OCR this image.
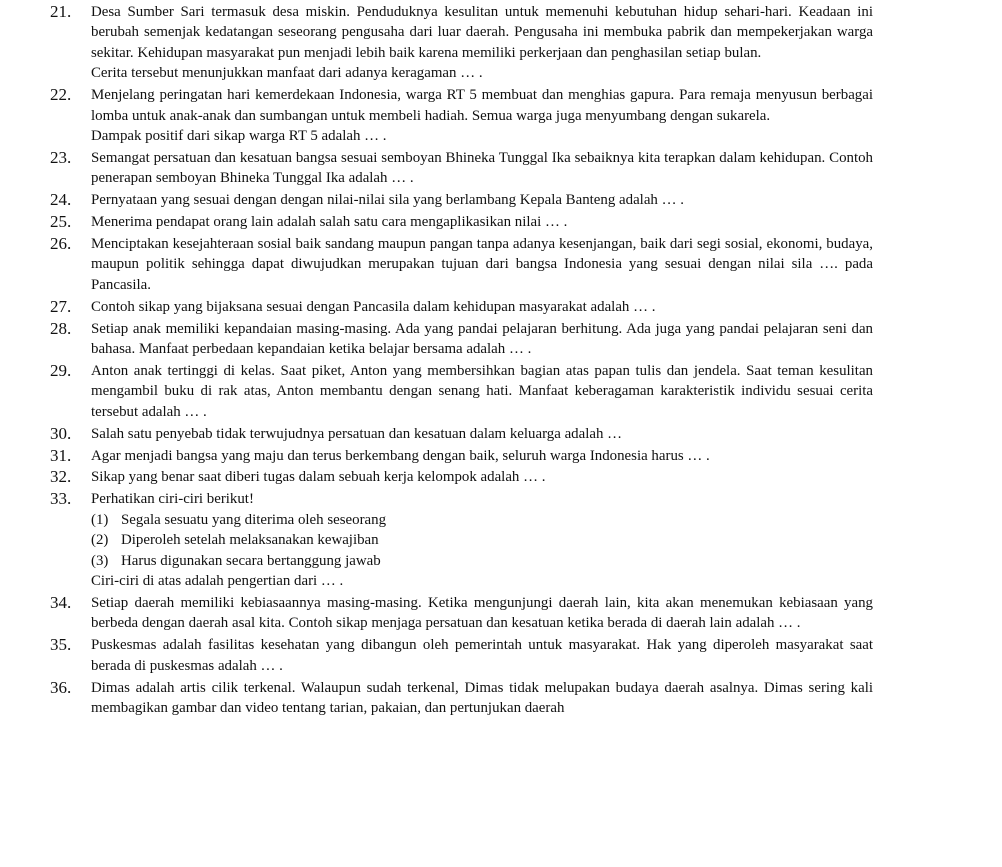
21. Desa Sumber Sari termasuk desa miskin. Penduduknya kesulitan untuk memenuhi kebutuhan hidup sehari-hari. Keadaan ini berubah semenjak kedatangan seseorang pengusaha dari luar daerah. Pengusaha ini membuka pabrik dan mempekerjakan warga sekitar. Kehidupan masyarakat pun menjadi lebih baik karena memiliki perkerjaan dan penghasilan setiap bulan.
Cerita tersebut menunjukkan manfaat dari adanya keragaman … .
22. Menjelang peringatan hari kemerdekaan Indonesia, warga RT 5 membuat dan menghias gapura. Para remaja menyusun berbagai lomba untuk anak-anak dan sumbangan untuk membeli hadiah. Semua warga juga menyumbang dengan sukarela.
Dampak positif dari sikap warga RT 5 adalah … .
23. Semangat persatuan dan kesatuan bangsa sesuai semboyan Bhineka Tunggal Ika sebaiknya kita terapkan dalam kehidupan. Contoh penerapan semboyan Bhineka Tunggal Ika adalah … .
24. Pernyataan yang sesuai dengan dengan nilai-nilai sila yang berlambang Kepala Banteng adalah … .
25. Menerima pendapat orang lain adalah salah satu cara mengaplikasikan nilai … .
26. Menciptakan kesejahteraan sosial baik sandang maupun pangan tanpa adanya kesenjangan, baik dari segi sosial, ekonomi, budaya, maupun politik sehingga dapat diwujudkan merupakan tujuan dari bangsa Indonesia yang sesuai dengan nilai sila …. pada Pancasila.
27. Contoh sikap yang bijaksana sesuai dengan Pancasila dalam kehidupan masyarakat adalah … .
28. Setiap anak memiliki kepandaian masing-masing. Ada yang pandai pelajaran berhitung. Ada juga yang pandai pelajaran seni dan bahasa. Manfaat perbedaan kepandaian ketika belajar bersama adalah … .
29. Anton anak tertinggi di kelas. Saat piket, Anton yang membersihkan bagian atas papan tulis dan jendela. Saat teman kesulitan mengambil buku di rak atas, Anton membantu dengan senang hati. Manfaat keberagaman karakteristik individu sesuai cerita tersebut adalah … .
30. Salah satu penyebab tidak terwujudnya persatuan dan kesatuan dalam keluarga adalah …
31. Agar menjadi bangsa yang maju dan terus berkembang dengan baik, seluruh warga Indonesia harus … .
32. Sikap yang benar saat diberi tugas dalam sebuah kerja kelompok adalah … .
33. Perhatikan ciri-ciri berikut!
(1) Segala sesuatu yang diterima oleh seseorang
(2) Diperoleh setelah melaksanakan kewajiban
(3) Harus digunakan secara bertanggung jawab
Ciri-ciri di atas adalah pengertian dari … .
34. Setiap daerah memiliki kebiasaannya masing-masing. Ketika mengunjungi daerah lain, kita akan menemukan kebiasaan yang berbeda dengan daerah asal kita. Contoh sikap menjaga persatuan dan kesatuan ketika berada di daerah lain adalah … .
35. Puskesmas adalah fasilitas kesehatan yang dibangun oleh pemerintah untuk masyarakat. Hak yang diperoleh masyarakat saat berada di puskesmas adalah … .
36. Dimas adalah artis cilik terkenal. Walaupun sudah terkenal, Dimas tidak melupakan budaya daerah asalnya. Dimas sering kali membagikan gambar dan video tentang tarian, pakaian, dan pertunjukan daerah
